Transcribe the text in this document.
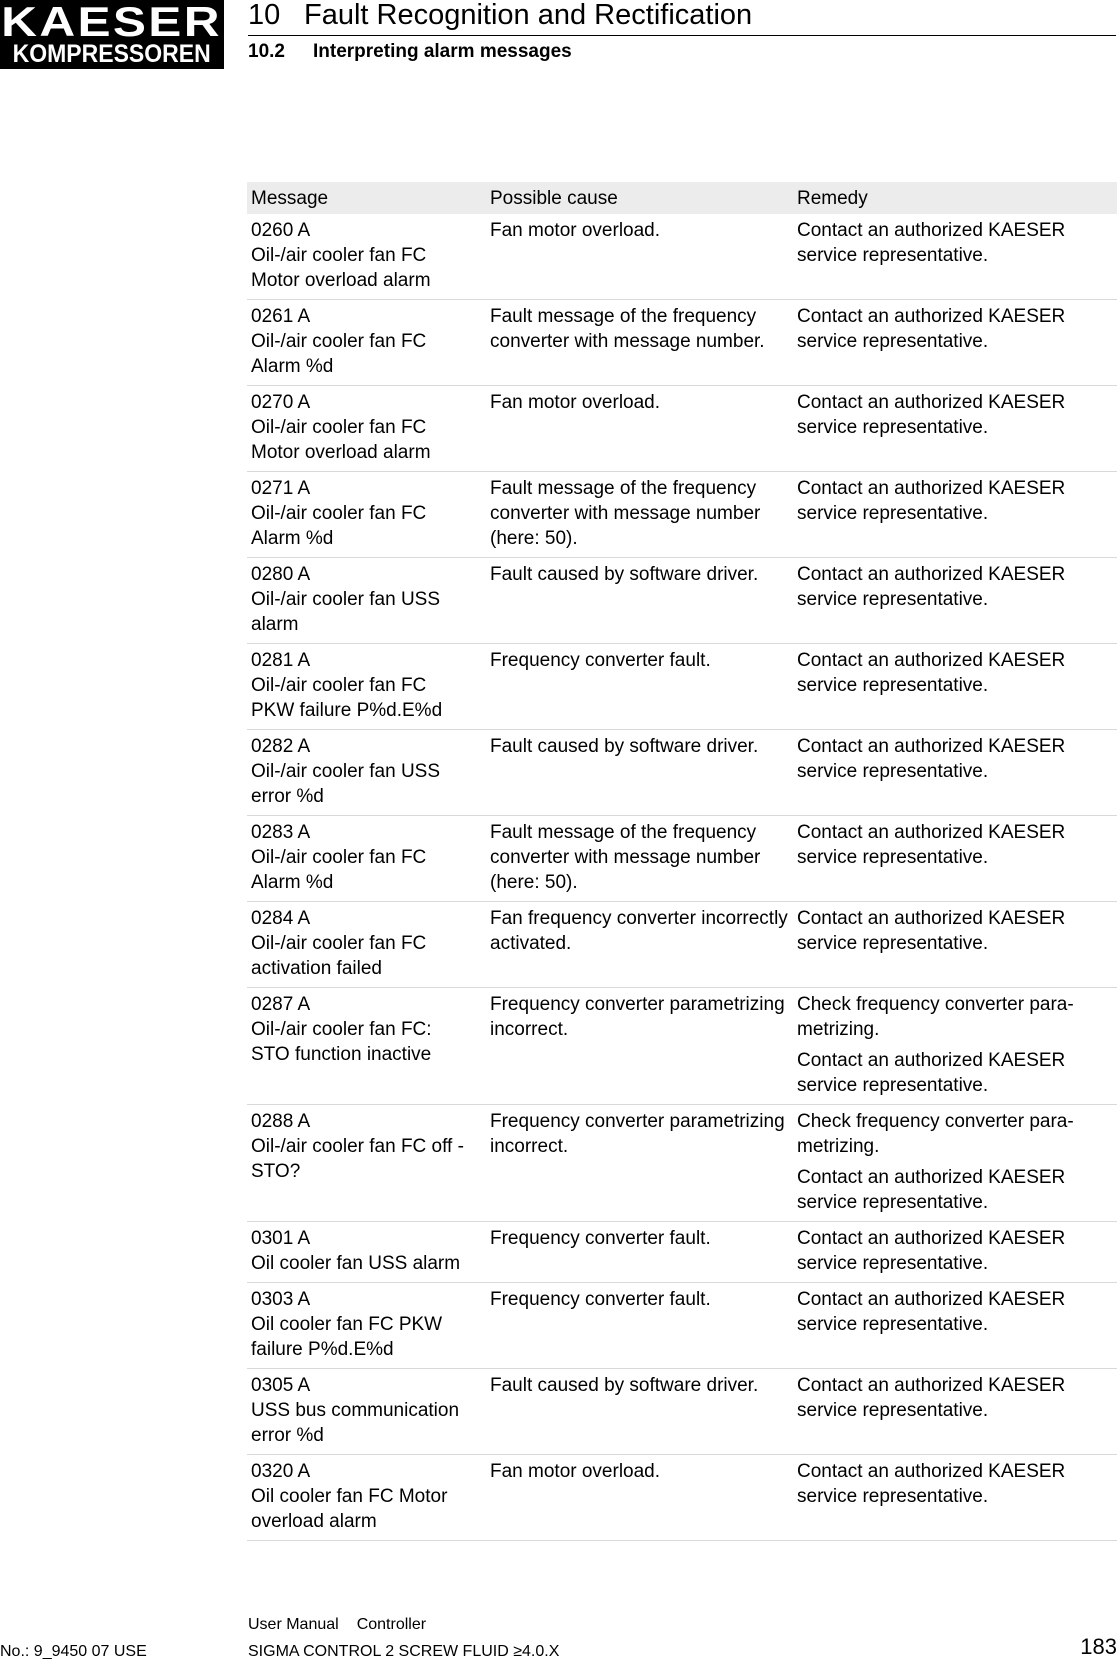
KAESER
KOMPRESSOREN
10 Fault Recognition and Rectification
10.2 Interpreting alarm messages
Message	Possible cause	Remedy

0260 A
Oil-/air cooler fan FC
Motor overload alarm	Fan motor overload.	Contact an authorized KAESER service representative.

0261 A
Oil-/air cooler fan FC
Alarm %d	Fault message of the frequency converter with message number.	Contact an authorized KAESER service representative.

0270 A
Oil-/air cooler fan FC
Motor overload alarm	Fan motor overload.	Contact an authorized KAESER service representative.

0271 A
Oil-/air cooler fan FC
Alarm %d	Fault message of the frequency converter with message number (here: 50).	Contact an authorized KAESER service representative.

0280 A
Oil-/air cooler fan USS
alarm	Fault caused by software driver.	Contact an authorized KAESER service representative.

0281 A
Oil-/air cooler fan FC
PKW failure P%d.E%d	Frequency converter fault.	Contact an authorized KAESER service representative.

0282 A
Oil-/air cooler fan USS
error %d	Fault caused by software driver.	Contact an authorized KAESER service representative.

0283 A
Oil-/air cooler fan FC
Alarm %d	Fault message of the frequency converter with message number (here: 50).	Contact an authorized KAESER service representative.

0284 A
Oil-/air cooler fan FC
activation failed	Fan frequency converter incorrectly activated.	Contact an authorized KAESER service representative.

0287 A
Oil-/air cooler fan FC:
STO function inactive	Frequency converter parametrizing incorrect.	Check frequency converter parametrizing.
Contact an authorized KAESER service representative.

0288 A
Oil-/air cooler fan FC off -
STO?	Frequency converter parametrizing incorrect.	Check frequency converter parametrizing.
Contact an authorized KAESER service representative.

0301 A
Oil cooler fan USS alarm	Frequency converter fault.	Contact an authorized KAESER service representative.

0303 A
Oil cooler fan FC PKW
failure P%d.E%d	Frequency converter fault.	Contact an authorized KAESER service representative.

0305 A
USS bus communication
error %d	Fault caused by software driver.	Contact an authorized KAESER service representative.

0320 A
Oil cooler fan FC Motor
overload alarm	Fan motor overload.	Contact an authorized KAESER service representative.
No.: 9_9450 07 USE
User Manual Controller
SIGMA CONTROL 2 SCREW FLUID ≥4.0.X	183
